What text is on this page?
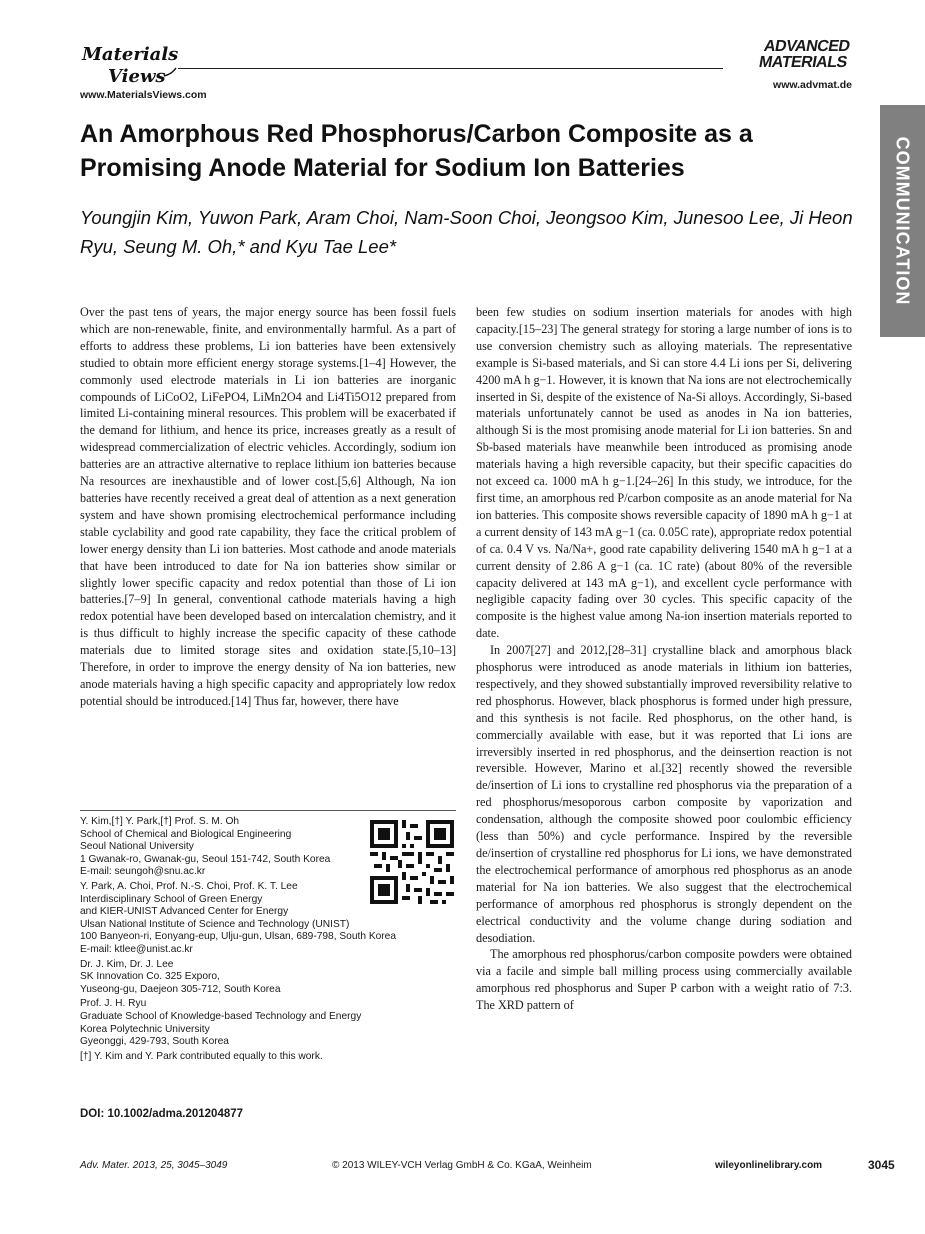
Materials
Views
www.MaterialsViews.com
ADVANCED
MATERIALS
www.advmat.de
COMMUNICATION
An Amorphous Red Phosphorus/Carbon Composite as a Promising Anode Material for Sodium Ion Batteries
Youngjin Kim, Yuwon Park, Aram Choi, Nam-Soon Choi, Jeongsoo Kim, Junesoo Lee, Ji Heon Ryu, Seung M. Oh,* and Kyu Tae Lee*

Over the past tens of years, the major energy source has been fossil fuels which are non-renewable, finite, and environmentally harmful. As a part of efforts to address these problems, Li ion batteries have been extensively studied to obtain more efficient energy storage systems.[1–4] However, the commonly used electrode materials in Li ion batteries are inorganic compounds of LiCoO2, LiFePO4, LiMn2O4 and Li4Ti5O12 prepared from limited Li-containing mineral resources. This problem will be exacerbated if the demand for lithium, and hence its price, increases greatly as a result of widespread commercialization of electric vehicles. Accordingly, sodium ion batteries are an attractive alternative to replace lithium ion batteries because Na resources are inexhaustible and of lower cost.[5,6] Although, Na ion batteries have recently received a great deal of attention as a next generation system and have shown promising electrochemical performance including stable cyclability and good rate capability, they face the critical problem of lower energy density than Li ion batteries. Most cathode and anode materials that have been introduced to date for Na ion batteries show similar or slightly lower specific capacity and redox potential than those of Li ion batteries.[7–9] In general, conventional cathode materials having a high redox potential have been developed based on intercalation chemistry, and it is thus difficult to highly increase the specific capacity of these cathode materials due to limited storage sites and oxidation state.[5,10–13] Therefore, in order to improve the energy density of Na ion batteries, new anode materials having a high specific capacity and appropriately low redox potential should be introduced.[14] Thus far, however, there have

been few studies on sodium insertion materials for anodes with high capacity.[15–23] The general strategy for storing a large number of ions is to use conversion chemistry such as alloying materials. The representative example is Si-based materials, and Si can store 4.4 Li ions per Si, delivering 4200 mA h g−1. However, it is known that Na ions are not electrochemically inserted in Si, despite of the existence of Na-Si alloys. Accordingly, Si-based materials unfortunately cannot be used as anodes in Na ion batteries, although Si is the most promising anode material for Li ion batteries. Sn and Sb-based materials have meanwhile been introduced as promising anode materials having a high reversible capacity, but their specific capacities do not exceed ca. 1000 mA h g−1.[24–26] In this study, we introduce, for the first time, an amorphous red P/carbon composite as an anode material for Na ion batteries. This composite shows reversible capacity of 1890 mA h g−1 at a current density of 143 mA g−1 (ca. 0.05C rate), appropriate redox potential of ca. 0.4 V vs. Na/Na+, good rate capability delivering 1540 mA h g−1 at a current density of 2.86 A g−1 (ca. 1C rate) (about 80% of the reversible capacity delivered at 143 mA g−1), and excellent cycle performance with negligible capacity fading over 30 cycles. This specific capacity of the composite is the highest value among Na-ion insertion materials reported to date.

In 2007[27] and 2012,[28–31] crystalline black and amorphous black phosphorus were introduced as anode materials in lithium ion batteries, respectively, and they showed substantially improved reversibility relative to red phosphorus. However, black phosphorus is formed under high pressure, and this synthesis is not facile. Red phosphorus, on the other hand, is commercially available with ease, but it was reported that Li ions are irreversibly inserted in red phosphorus, and the deinsertion reaction is not reversible. However, Marino et al.[32] recently showed the reversible de/insertion of Li ions to crystalline red phosphorus via the preparation of a red phosphorus/mesoporous carbon composite by vaporization and condensation, although the composite showed poor coulombic efficiency (less than 50%) and cycle performance. Inspired by the reversible de/insertion of crystalline red phosphorus for Li ions, we have demonstrated the electrochemical performance of amorphous red phosphorus as an anode material for Na ion batteries. We also suggest that the electrochemical performance of amorphous red phosphorus is strongly dependent on the electrical conductivity and the volume change during sodiation and desodiation.

The amorphous red phosphorus/carbon composite powders were obtained via a facile and simple ball milling process using commercially available amorphous red phosphorus and Super P carbon with a weight ratio of 7:3. The XRD pattern of

Y. Kim,[†] Y. Park,[†] Prof. S. M. Oh
School of Chemical and Biological Engineering
Seoul National University
1 Gwanak-ro, Gwanak-gu, Seoul 151-742, South Korea
E-mail: seungoh@snu.ac.kr
Y. Park, A. Choi, Prof. N.-S. Choi, Prof. K. T. Lee
Interdisciplinary School of Green Energy
and KIER-UNIST Advanced Center for Energy
Ulsan National Institute of Science and Technology (UNIST)
100 Banyeon-ri, Eonyang-eup, Ulju-gun, Ulsan, 689-798, South Korea
E-mail: ktlee@unist.ac.kr
Dr. J. Kim, Dr. J. Lee
SK Innovation Co. 325 Exporo,
Yuseong-gu, Daejeon 305-712, South Korea
Prof. J. H. Ryu
Graduate School of Knowledge-based Technology and Energy
Korea Polytechnic University
Gyeonggi, 429-793, South Korea
[†] Y. Kim and Y. Park contributed equally to this work.
DOI: 10.1002/adma.201204877
Adv. Mater. 2013, 25, 3045–3049	© 2013 WILEY-VCH Verlag GmbH & Co. KGaA, Weinheim	wileyonlinelibrary.com	3045
